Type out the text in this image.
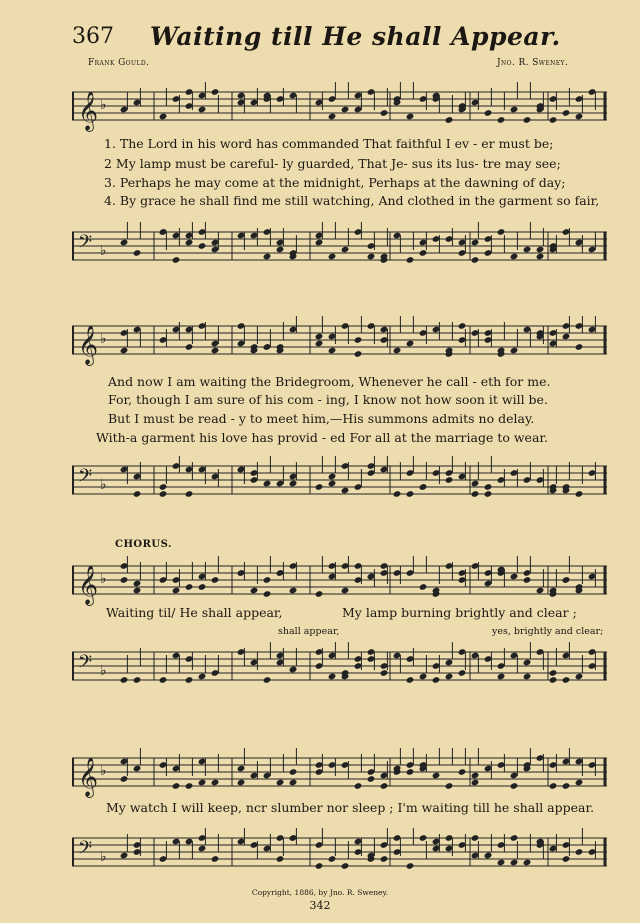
367 Waiting till He shall Appear.
Frank Gould.	Jno. R. Sweney.
𝄞 ♭
1. The Lord in his word has commanded That faithful I ev - er must be;
2 My lamp must be careful- ly guarded, That Je- sus its lus- tre may see;
3. Perhaps he may come at the midnight, Perhaps at the dawning of day;
4. By grace he shall find me still watching, And clothed in the garment so fair,
𝄢 ♭
𝄞 ♭
And now I am waiting the Bridegroom, Whenever he call - eth for me.
For, though I am sure of his com - ing, I know not how soon it will be.
But I must be read - y to meet him,—His summons admits no delay.
With-a garment his love has provid - ed For all at the marriage to wear.
𝄢 ♭
CHORUS.
𝄞 ♭
Waiting til/ He shall appear,	My lamp burning brightly and clear ;
shall appear,	yes, brightly and clear;
𝄢 ♭
𝄞 ♭
My watch I will keep, ncr slumber nor sleep ; I'm waiting till he shall appear.
𝄢 ♭
Copyright, 1886, by Jno. R. Sweney.
342
